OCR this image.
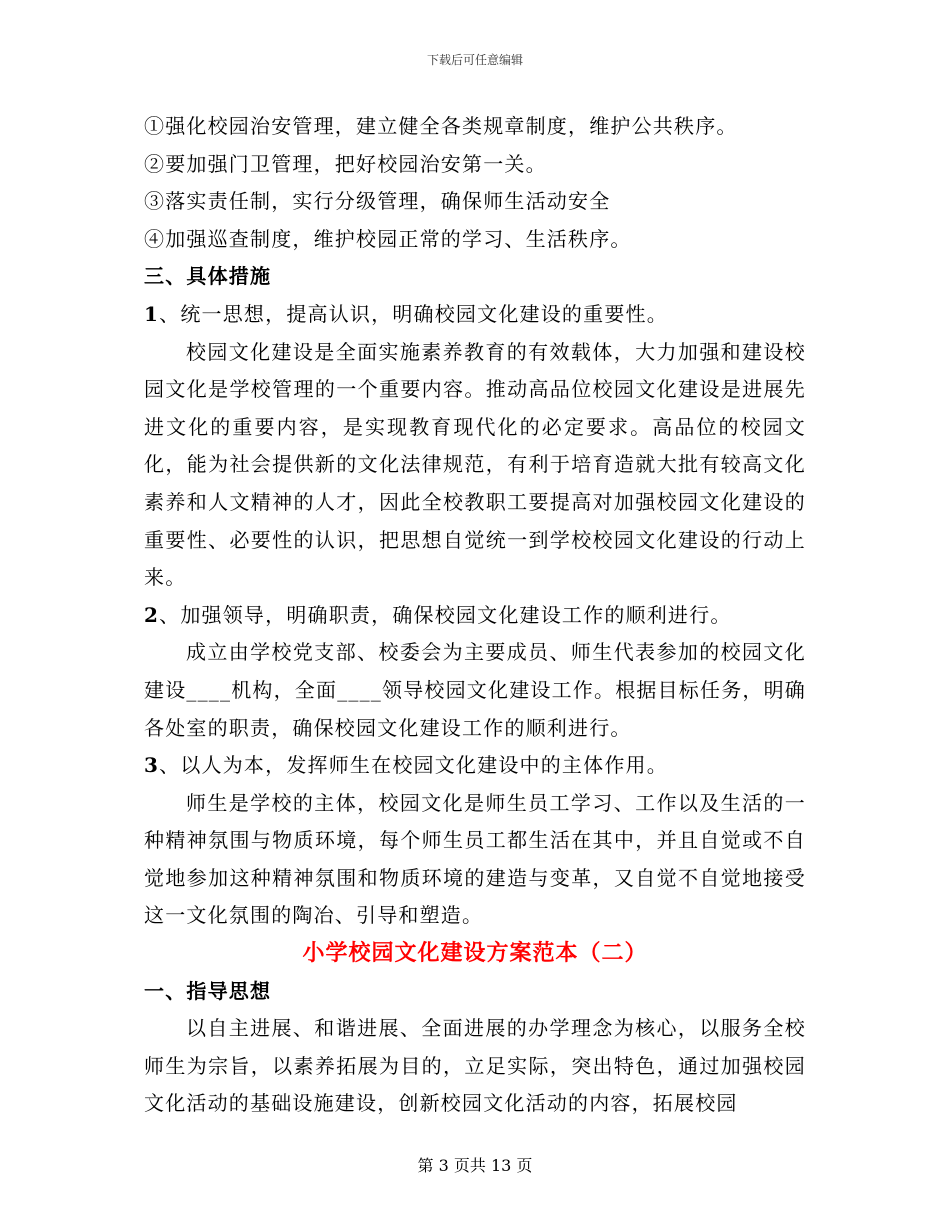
下载后可任意编辑

①强化校园治安管理，建立健全各类规章制度，维护公共秩序。

②要加强门卫管理，把好校园治安第一关。

③落实责任制，实行分级管理，确保师生活动安全

④加强巡查制度，维护校园正常的学习、生活秩序。

三、具体措施

1、统一思想，提高认识，明确校园文化建设的重要性。

校园文化建设是全面实施素养教育的有效载体，大力加强和建设校园文化是学校管理的一个重要内容。推动高品位校园文化建设是进展先进文化的重要内容，是实现教育现代化的必定要求。高品位的校园文化，能为社会提供新的文化法律规范，有利于培育造就大批有较高文化素养和人文精神的人才，因此全校教职工要提高对加强校园文化建设的重要性、必要性的认识，把思想自觉统一到学校校园文化建设的行动上来。

2、加强领导，明确职责，确保校园文化建设工作的顺利进行。

成立由学校党支部、校委会为主要成员、师生代表参加的校园文化建设____机构，全面____领导校园文化建设工作。根据目标任务，明确各处室的职责，确保校园文化建设工作的顺利进行。

3、以人为本，发挥师生在校园文化建设中的主体作用。

师生是学校的主体，校园文化是师生员工学习、工作以及生活的一种精神氛围与物质环境，每个师生员工都生活在其中，并且自觉或不自觉地参加这种精神氛围和物质环境的建造与变革，又自觉不自觉地接受这一文化氛围的陶冶、引导和塑造。

小学校园文化建设方案范本（二）

一、指导思想

以自主进展、和谐进展、全面进展的办学理念为核心，以服务全校师生为宗旨，以素养拓展为目的，立足实际，突出特色，通过加强校园文化活动的基础设施建设，创新校园文化活动的内容，拓展校园

第 3 页共 13 页
